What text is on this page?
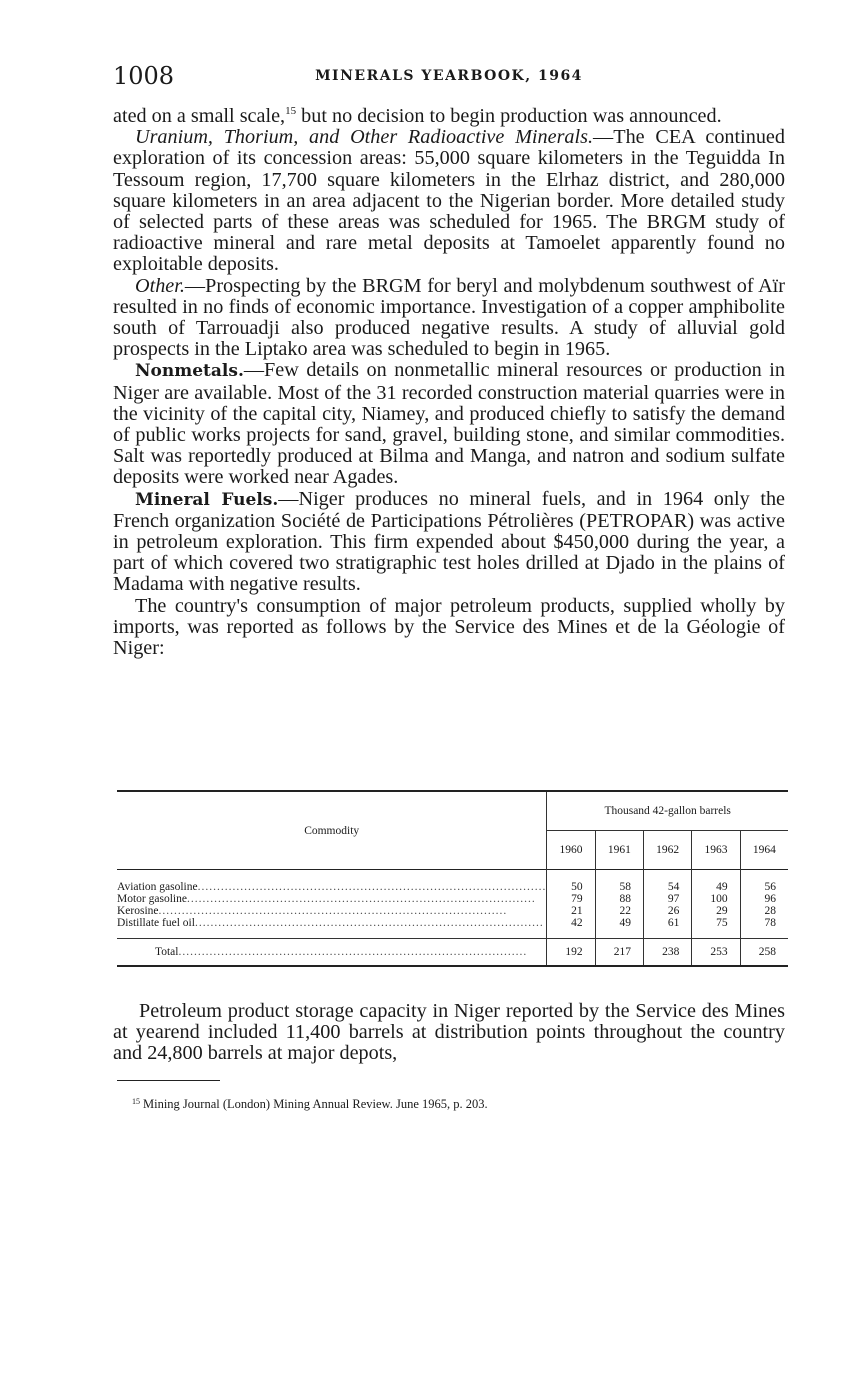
1008	MINERALS YEARBOOK, 1964

ated on a small scale,$^{15}$ but no decision to begin production was announced.

Uranium, Thorium, and Other Radioactive Minerals.—The CEA continued exploration of its concession areas: 55,000 square kilometers in the Teguidda In Tessoum region, 17,700 square kilometers in the Elrhaz district, and 280,000 square kilometers in an area adjacent to the Nigerian border. More detailed study of selected parts of these areas was scheduled for 1965. The BRGM study of radioactive mineral and rare metal deposits at Tamoelet apparently found no exploitable deposits.

Other.—Prospecting by the BRGM for beryl and molybdenum southwest of Aïr resulted in no finds of economic importance. Investigation of a copper amphibolite south of Tarrouadji also produced negative results. A study of alluvial gold prospects in the Liptako area was scheduled to begin in 1965.

Nonmetals.—Few details on nonmetallic mineral resources or production in Niger are available. Most of the 31 recorded construction material quarries were in the vicinity of the capital city, Niamey, and produced chiefly to satisfy the demand of public works projects for sand, gravel, building stone, and similar commodities. Salt was reportedly produced at Bilma and Manga, and natron and sodium sulfate deposits were worked near Agades.

Mineral Fuels.—Niger produces no mineral fuels, and in 1964 only the French organization Société de Participations Pétrolières (PETROPAR) was active in petroleum exploration. This firm expended about $450,000 during the year, a part of which covered two stratigraphic test holes drilled at Djado in the plains of Madama with negative results.

The country's consumption of major petroleum products, supplied wholly by imports, was reported as follows by the Service des Mines et de la Géologie of Niger:

Commodity	Thousand 42-gallon barrels				
	1960	1961	1962	1963	1964
Aviation gasoline..........................................................................................	50	58	54	49	56
Motor gasoline..........................................................................................	79	88	97	100	96
Kerosine..........................................................................................	21	22	26	29	28
Distillate fuel oil..........................................................................................	42	49	61	75	78
Total..........................................................................................	192	217	238	253	258

Petroleum product storage capacity in Niger reported by the Service des Mines at yearend included 11,400 barrels at distribution points throughout the country and 24,800 barrels at major depots,

$^{15}$ Mining Journal (London) Mining Annual Review. June 1965, p. 203.
